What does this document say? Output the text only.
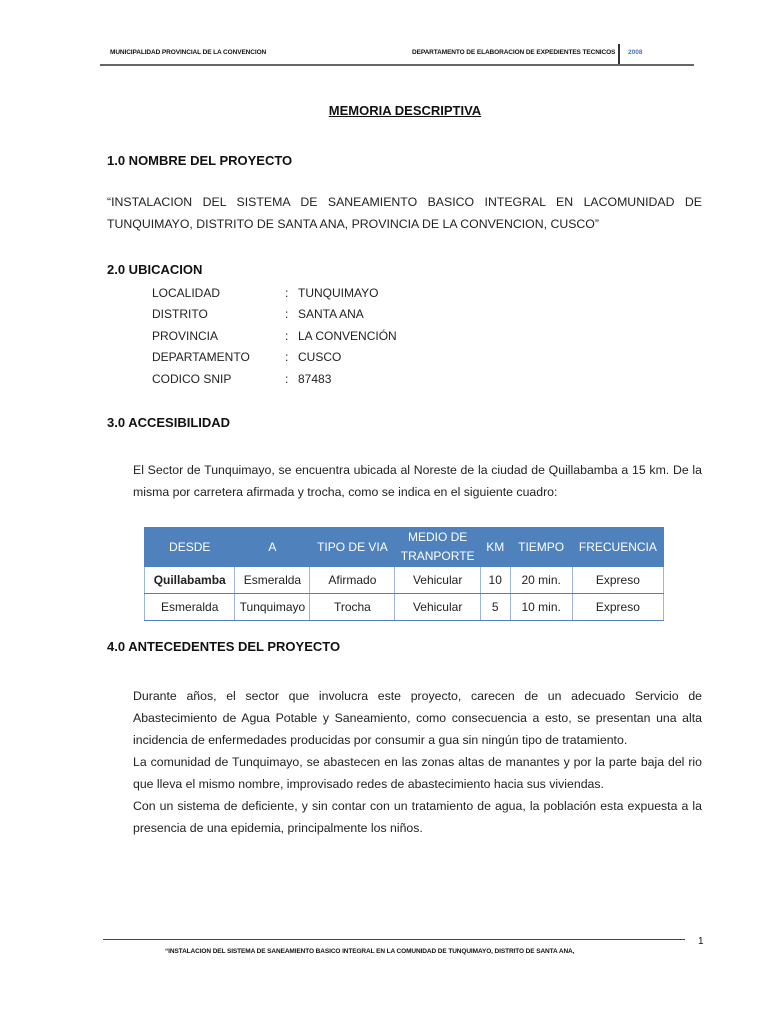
MUNICIPALIDAD PROVINCIAL DE LA CONVENCION	DEPARTAMENTO DE ELABORACION DE EXPEDIENTES TECNICOS 2008
MEMORIA DESCRIPTIVA
1.0 NOMBRE DEL PROYECTO
“INSTALACION DEL SISTEMA DE SANEAMIENTO BASICO INTEGRAL EN LACOMUNIDAD DE TUNQUIMAYO, DISTRITO DE SANTA ANA, PROVINCIA DE LA CONVENCION, CUSCO”
2.0 UBICACION
LOCALIDAD	: TUNQUIMAYO
DISTRITO	: SANTA ANA
PROVINCIA	: LA CONVENCIÓN
DEPARTAMENTO	: CUSCO
CODICO SNIP	: 87483
3.0 ACCESIBILIDAD
El Sector de Tunquimayo, se encuentra ubicada al Noreste de la ciudad de Quillabamba a 15 km. De la misma por carretera afirmada y trocha, como se indica en el siguiente cuadro:
DESDE	A	TIPO DE VIA	MEDIO DE TRANPORTE	KM	TIEMPO	FRECUENCIA
Quillabamba	Esmeralda	Afirmado	Vehicular	10	20 min.	Expreso
Esmeralda	Tunquimayo	Trocha	Vehicular	5	10 min.	Expreso
4.0 ANTECEDENTES DEL PROYECTO
Durante años, el sector que involucra este proyecto, carecen de un adecuado Servicio de Abastecimiento de Agua Potable y Saneamiento, como consecuencia a esto, se presentan una alta incidencia de enfermedades producidas por consumir a gua sin ningún tipo de tratamiento.
La comunidad de Tunquimayo, se abastecen en las zonas altas de manantes y por la parte baja del rio que lleva el mismo nombre, improvisado redes de abastecimiento hacia sus viviendas.
Con un sistema de deficiente, y sin contar con un tratamiento de agua, la población esta expuesta a la presencia de una epidemia, principalmente los niños.
1
“INSTALACION DEL SISTEMA DE SANEAMIENTO BASICO INTEGRAL EN LA COMUNIDAD DE TUNQUIMAYO, DISTRITO DE SANTA ANA,
